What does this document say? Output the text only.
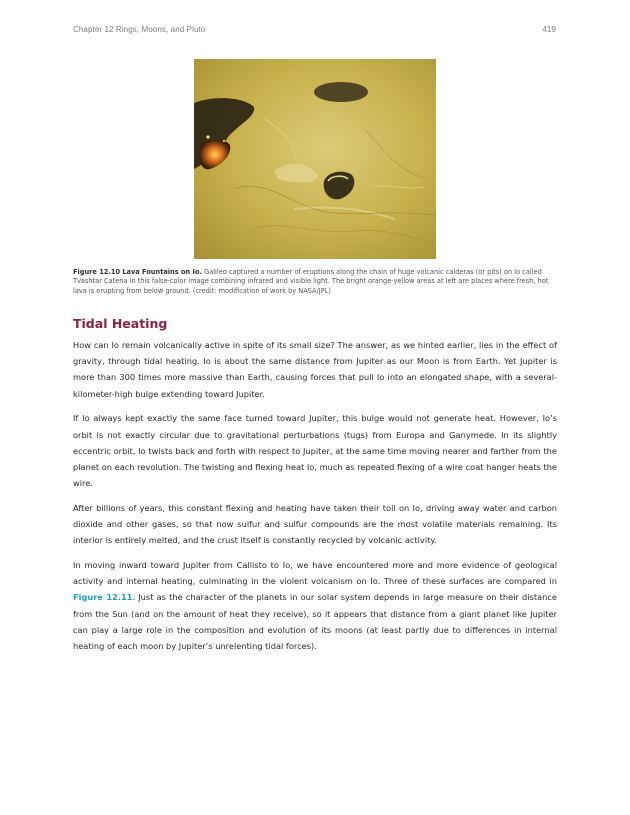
Chapter 12 Rings, Moons, and Pluto	419
Figure 12.10 Lava Fountains on Io. Galileo captured a number of eruptions along the chain of huge volcanic calderas (or pits) on Io called Tvashtar Catena in this false-color image combining infrared and visible light. The bright orange-yellow areas at left are places where fresh, hot lava is erupting from below ground. (credit: modification of work by NASA/JPL)
Tidal Heating

How can Io remain volcanically active in spite of its small size? The answer, as we hinted earlier, lies in the effect of gravity, through tidal heating. Io is about the same distance from Jupiter as our Moon is from Earth. Yet Jupiter is more than 300 times more massive than Earth, causing forces that pull Io into an elongated shape, with a several-kilometer-high bulge extending toward Jupiter.

If Io always kept exactly the same face turned toward Jupiter, this bulge would not generate heat. However, Io’s orbit is not exactly circular due to gravitational perturbations (tugs) from Europa and Ganymede. In its slightly eccentric orbit, Io twists back and forth with respect to Jupiter, at the same time moving nearer and farther from the planet on each revolution. The twisting and flexing heat Io, much as repeated flexing of a wire coat hanger heats the wire.

After billions of years, this constant flexing and heating have taken their toll on Io, driving away water and carbon dioxide and other gases, so that now sulfur and sulfur compounds are the most volatile materials remaining. Its interior is entirely melted, and the crust itself is constantly recycled by volcanic activity.

In moving inward toward Jupiter from Callisto to Io, we have encountered more and more evidence of geological activity and internal heating, culminating in the violent volcanism on Io. Three of these surfaces are compared in Figure 12.11. Just as the character of the planets in our solar system depends in large measure on their distance from the Sun (and on the amount of heat they receive), so it appears that distance from a giant planet like Jupiter can play a large role in the composition and evolution of its moons (at least partly due to differences in internal heating of each moon by Jupiter’s unrelenting tidal forces).
